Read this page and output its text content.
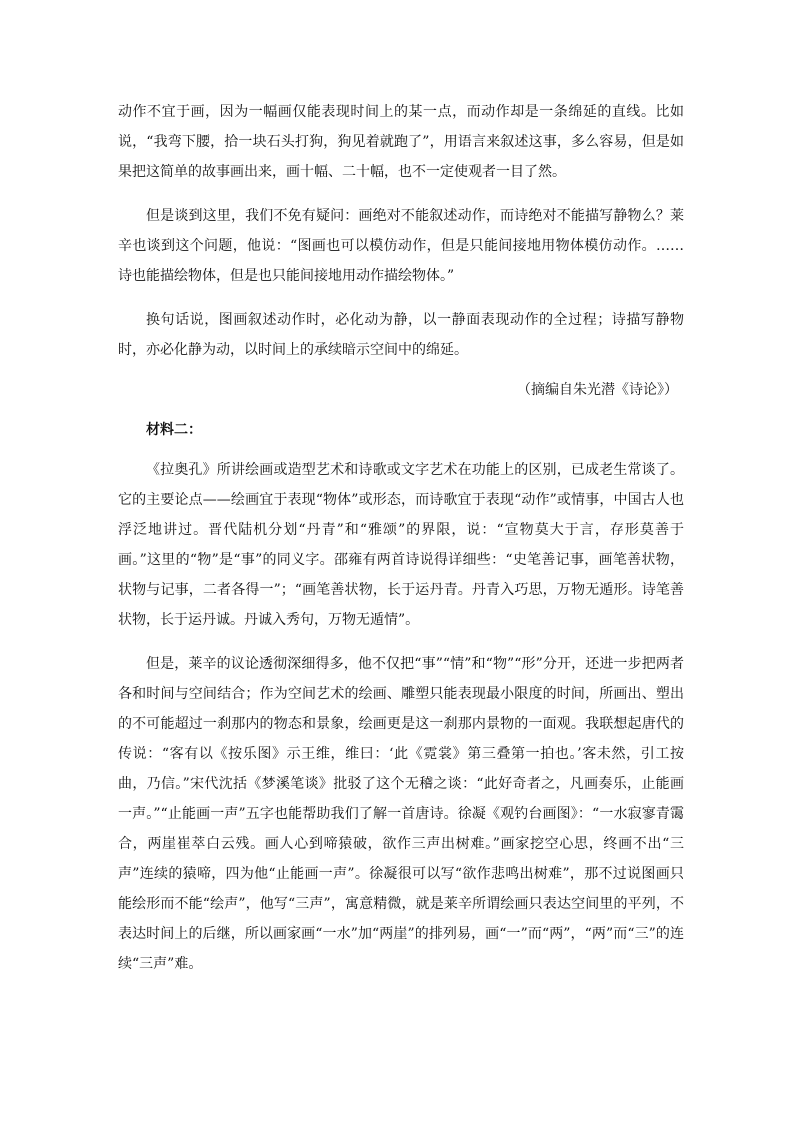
动作不宜于画，因为一幅画仅能表现时间上的某一点，而动作却是一条绵延的直线。比如说，“我弯下腰，拾一块石头打狗，狗见着就跑了”，用语言来叙述这事，多么容易，但是如果把这简单的故事画出来，画十幅、二十幅，也不一定使观者一目了然。

但是谈到这里，我们不免有疑问：画绝对不能叙述动作，而诗绝对不能描写静物么？莱辛也谈到这个问题，他说：“图画也可以模仿动作，但是只能间接地用物体模仿动作。……诗也能描绘物体，但是也只能间接地用动作描绘物体。”

换句话说，图画叙述动作时，必化动为静，以一静面表现动作的全过程；诗描写静物时，亦必化静为动，以时间上的承续暗示空间中的绵延。

（摘编自朱光潜《诗论》）

材料二：

《拉奥孔》所讲绘画或造型艺术和诗歌或文字艺术在功能上的区别，已成老生常谈了。它的主要论点——绘画宜于表现“物体”或形态，而诗歌宜于表现“动作”或情事，中国古人也浮泛地讲过。晋代陆机分划“丹青”和“雅颂”的界限，说：“宣物莫大于言，存形莫善于画。”这里的“物”是“事”的同义字。邵雍有两首诗说得详细些：“史笔善记事，画笔善状物，状物与记事，二者各得一”；“画笔善状物，长于运丹青。丹青入巧思，万物无遁形。诗笔善状物，长于运丹诚。丹诚入秀句，万物无遁情”。

但是，莱辛的议论透彻深细得多，他不仅把“事”“情”和“物”“形”分开，还进一步把两者各和时间与空间结合；作为空间艺术的绘画、雕塑只能表现最小限度的时间，所画出、塑出的不可能超过一刹那内的物态和景象，绘画更是这一刹那内景物的一面观。我联想起唐代的传说：“客有以《按乐图》示王维，维曰：‘此《霓裳》第三叠第一拍也。’客未然，引工按曲，乃信。”宋代沈括《梦溪笔谈》批驳了这个无稽之谈：“此好奇者之，凡画奏乐，止能画一声。”“止能画一声”五字也能帮助我们了解一首唐诗。徐凝《观钓台画图》：“一水寂寥青霭合，两崖崔萃白云残。画人心到啼猿破，欲作三声出树难。”画家挖空心思，终画不出“三声”连续的猿啼，四为他“止能画一声”。徐凝很可以写“欲作悲鸣出树难”，那不过说图画只能绘形而不能“绘声”，他写“三声”，寓意精微，就是莱辛所谓绘画只表达空间里的平列，不表达时间上的后继，所以画家画“一水”加“两崖”的排列易，画“一”而“两”，“两”而“三”的连续“三声”难。
